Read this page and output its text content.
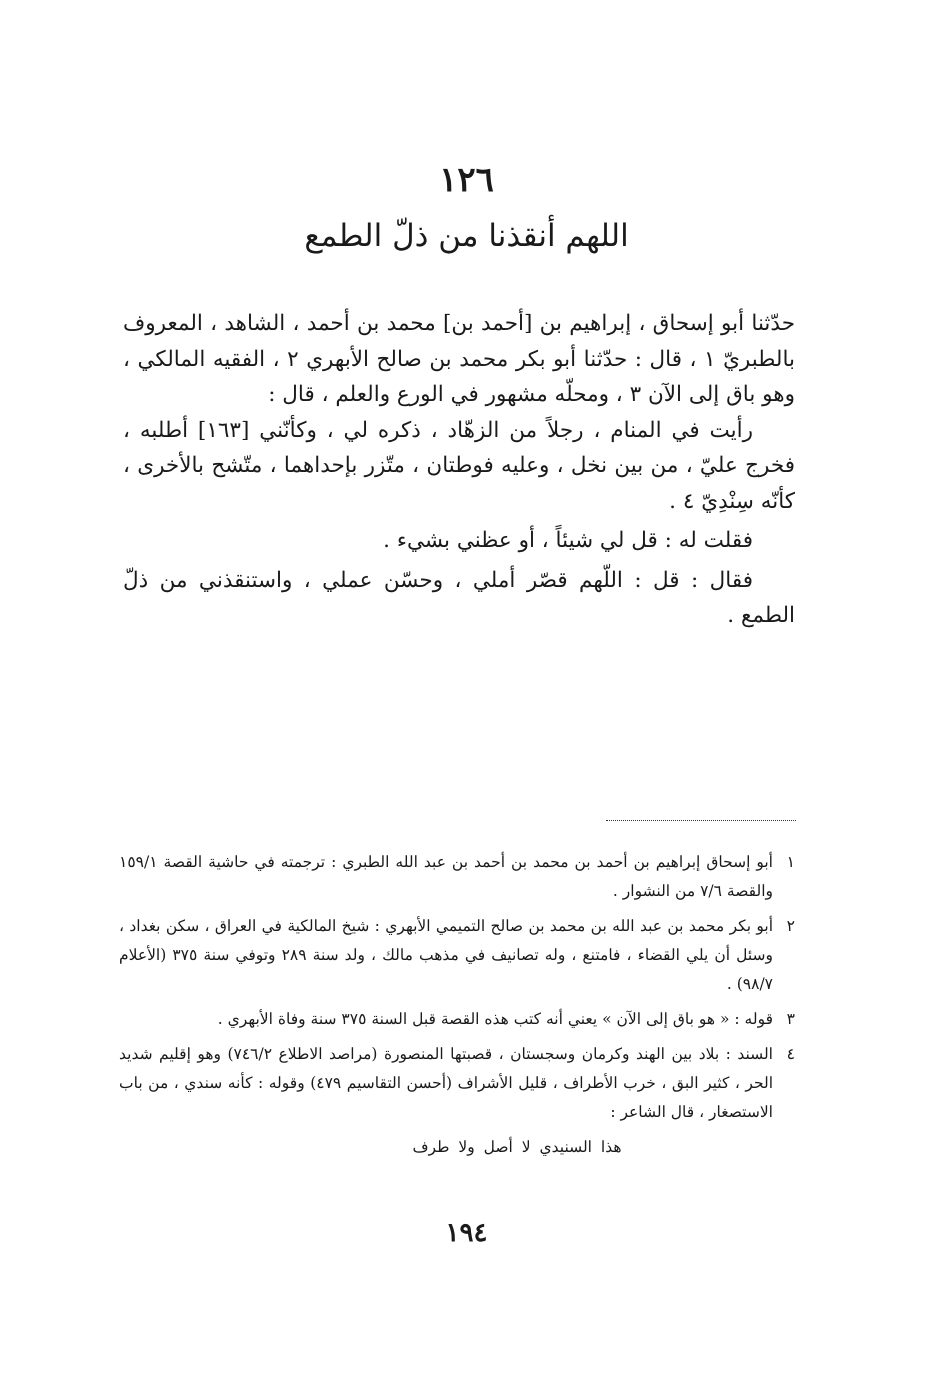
١٢٦
اللهم أنقذنا من ذلّ الطمع

حدّثنا أبو إسحاق ، إبراهيم بن [أحمد بن] محمد بن أحمد ، الشاهد ، المعروف بالطبريّ ١ ، قال : حدّثنا أبو بكر محمد بن صالح الأبهري ٢ ، الفقيه المالكي ، وهو باق إلى الآن ٣ ، ومحلّه مشهور في الورع والعلم ، قال :

رأيت في المنام ، رجلاً من الزهّاد ، ذكره لي ، وكأنّني [١٦٣] أطلبه ، فخرج عليّ ، من بين نخل ، وعليه فوطتان ، متّزر بإحداهما ، متّشح بالأخرى ، كأنّه سِنْدِيّ ٤ .

فقلت له : قل لي شيئاً ، أو عظني بشيء .

فقال : قل : اللّهم قصّر أملي ، وحسّن عملي ، واستنقذني من ذلّ الطمع .

١
أبو إسحاق إبراهيم بن أحمد بن محمد بن أحمد بن عبد الله الطبري : ترجمته في حاشية القصة ١٥٩/١ والقصة ٧/٦ من النشوار .
٢
أبو بكر محمد بن عبد الله بن محمد بن صالح التميمي الأبهري : شيخ المالكية في العراق ، سكن بغداد ، وسئل أن يلي القضاء ، فامتنع ، وله تصانيف في مذهب مالك ، ولد سنة ٢٨٩ وتوفي سنة ٣٧٥ (الأعلام ٩٨/٧) .
٣
قوله : « هو باق إلى الآن » يعني أنه كتب هذه القصة قبل السنة ٣٧٥ سنة وفاة الأبهري .
٤
السند : بلاد بين الهند وكرمان وسجستان ، قصبتها المنصورة (مراصد الاطلاع ٧٤٦/٢) وهو إقليم شديد الحر ، كثير البق ، خرب الأطراف ، قليل الأشراف (أحسن التقاسيم ٤٧٩) وقوله : كأنه سندي ، من باب الاستصغار ، قال الشاعر :
هذا السنيدي لا أصل ولا طرف
١٩٤
